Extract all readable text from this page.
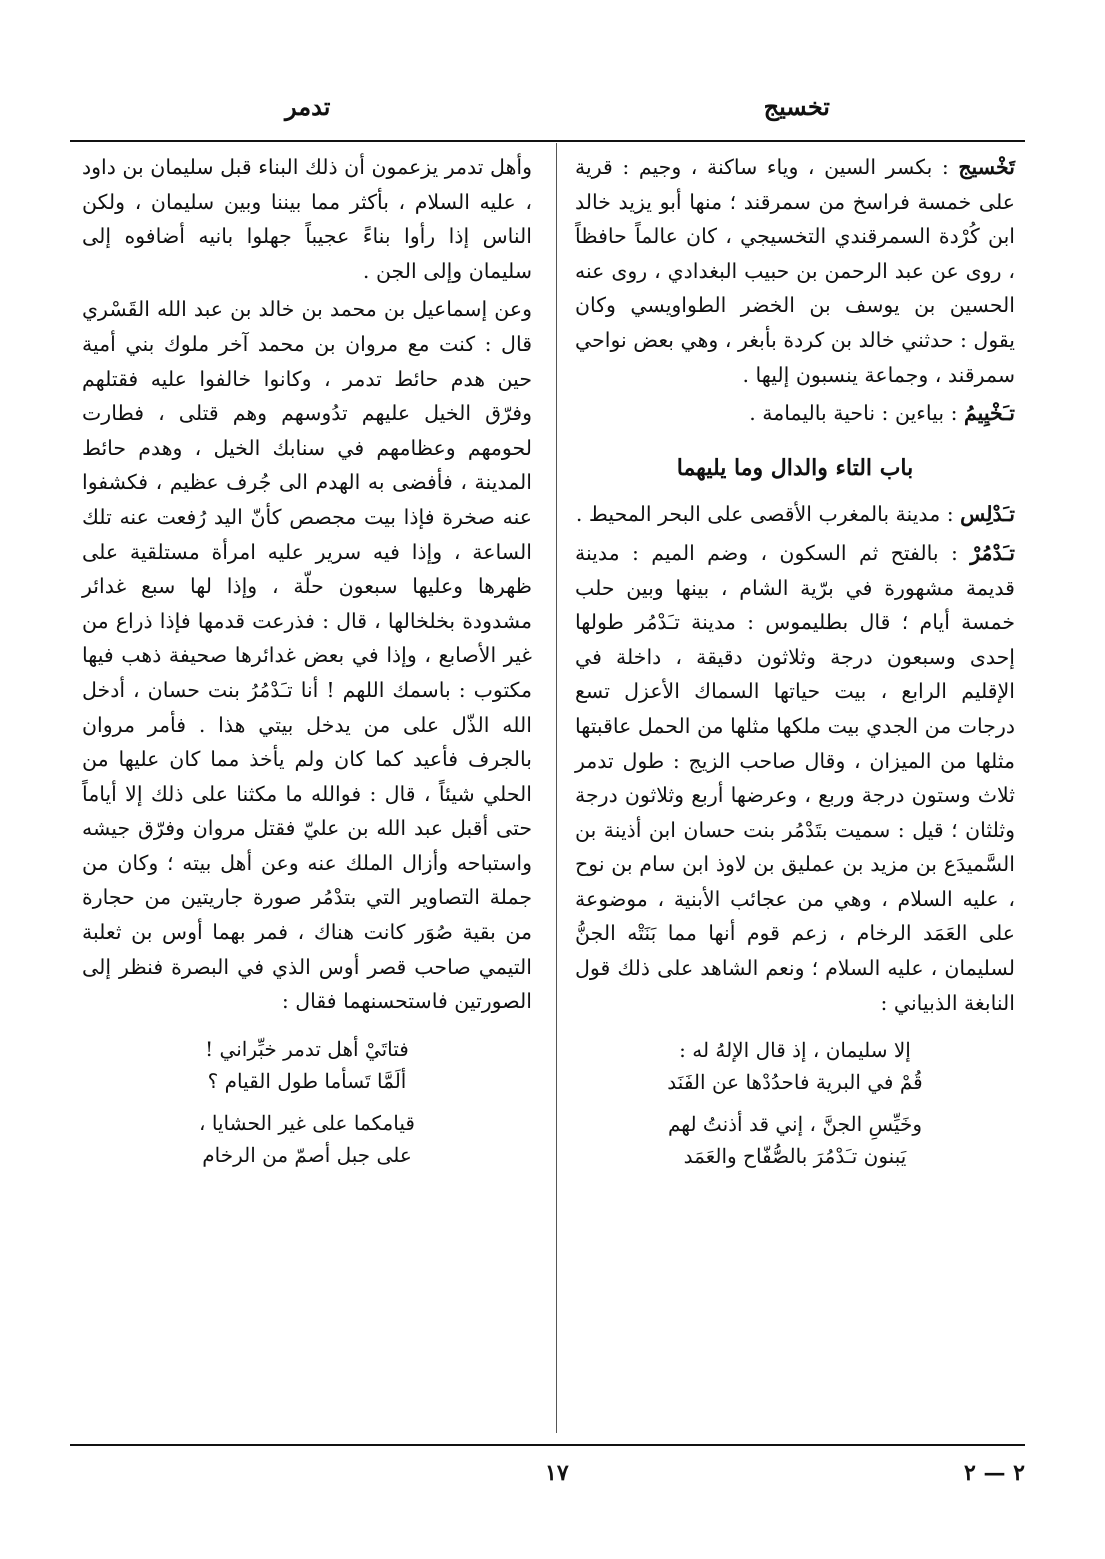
تخسيج
تدمر

تَخْسيج : بكسر السين ، وياء ساكنة ، وجيم : قرية على خمسة فراسخ من سمرقند ؛ منها أبو يزيد خالد ابن كُرْدة السمرقندي التخسيجي ، كان عالماً حافظاً ، روى عن عبد الرحمن بن حبيب البغدادي ، روى عنه الحسين بن يوسف بن الخضر الطواويسي وكان يقول : حدثني خالد بن كردة بأبغر ، وهي بعض نواحي سمرقند ، وجماعة ينسبون إليها .

تـَخْيِيمُ : بياءين : ناحية باليمامة .

باب التاء والدال وما يليهما

تـَدْلِس : مدينة بالمغرب الأقصى على البحر المحيط .

تـَدْمُرْ : بالفتح ثم السكون ، وضم الميم : مدينة قديمة مشهورة في برّية الشام ، بينها وبين حلب خمسة أيام ؛ قال بطليموس : مدينة تـَدْمُر طولها إحدى وسبعون درجة وثلاثون دقيقة ، داخلة في الإقليم الرابع ، بيت حياتها السماك الأعزل تسع درجات من الجدي بيت ملكها مثلها من الحمل عاقبتها مثلها من الميزان ، وقال صاحب الزيج : طول تدمر ثلاث وستون درجة وربع ، وعرضها أربع وثلاثون درجة وثلثان ؛ قيل : سميت بتَدْمُر بنت حسان ابن أذينة بن السَّميدَع بن مزيد بن عمليق بن لاوذ ابن سام بن نوح ، عليه السلام ، وهي من عجائب الأبنية ، موضوعة على العَمَد الرخام ، زعم قوم أنها مما بَنَتْه الجنُّ لسليمان ، عليه السلام ؛ ونعم الشاهد على ذلك قول النابغة الذبياني :

إلا سليمان ، إذ قال الإلهُ له :
قُمْ في البرية فاحدُدْها عن الفَنَد
وخَيِّسِ الجنَّ ، إني قد أذنتُ لهم
يَبنون تـَدْمُرَ بالصُّفّاح والعَمَد

وأهل تدمر يزعمون أن ذلك البناء قبل سليمان بن داود ، عليه السلام ، بأكثر مما بيننا وبين سليمان ، ولكن الناس إذا رأوا بناءً عجيباً جهلوا بانيه أضافوه إلى سليمان وإلى الجن .

وعن إسماعيل بن محمد بن خالد بن عبد الله القَسْري قال : كنت مع مروان بن محمد آخر ملوك بني أمية حين هدم حائط تدمر ، وكانوا خالفوا عليه فقتلهم وفرّق الخيل عليهم تدُوسهم وهم قتلى ، فطارت لحومهم وعظامهم في سنابك الخيل ، وهدم حائط المدينة ، فأفضى به الهدم الى جُرف عظيم ، فكشفوا عنه صخرة فإذا بيت مجصص كأنّ اليد رُفعت عنه تلك الساعة ، وإذا فيه سرير عليه امرأة مستلقية على ظهرها وعليها سبعون حلّة ، وإذا لها سبع غدائر مشدودة بخلخالها ، قال : فذرعت قدمها فإذا ذراع من غير الأصابع ، وإذا في بعض غدائرها صحيفة ذهب فيها مكتوب : باسمك اللهم ! أنا تـَدْمُرُ بنت حسان ، أدخل الله الذّل على من يدخل بيتي هذا . فأمر مروان بالجرف فأعيد كما كان ولم يأخذ مما كان عليها من الحلي شيئاً ، قال : فوالله ما مكثنا على ذلك إلا أياماً حتى أقبل عبد الله بن عليّ فقتل مروان وفرّق جيشه واستباحه وأزال الملك عنه وعن أهل بيته ؛ وكان من جملة التصاوير التي بتدْمُر صورة جاريتين من حجارة من بقية صُوَر كانت هناك ، فمر بهما أوس بن ثعلبة التيمي صاحب قصر أوس الذي في البصرة فنظر إلى الصورتين فاستحسنهما فقال :

فتاتَيْ أهل تدمر خبِّراني !
ألَمَّا تَسأما طول القيام ؟
قيامكما على غير الحشايا ،
على جبل أصمّ من الرخام
١٧	٢ — ٢
